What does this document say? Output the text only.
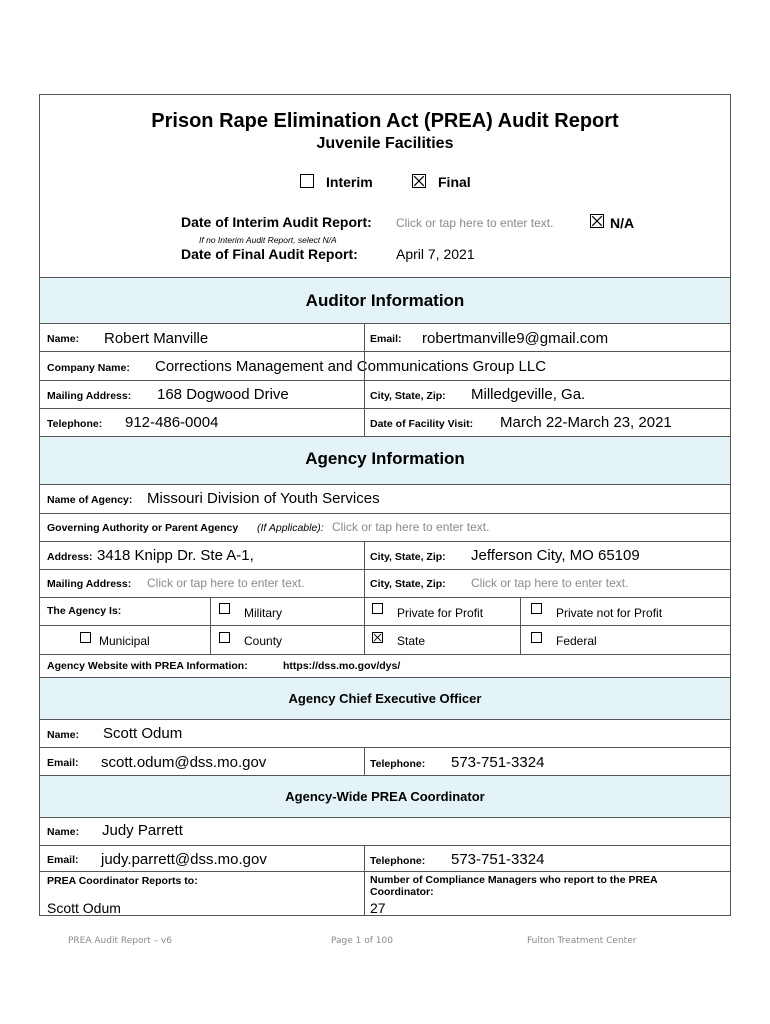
Prison Rape Elimination Act (PREA) Audit Report
Juvenile Facilities
Interim	Final
Date of Interim Audit Report: Click or tap here to enter text.	N/A
If no Interim Audit Report, select N/A
Date of Final Audit Report:	April 7, 2021
Auditor Information
Name: Robert Manville	Email: robertmanville9@gmail.com
Company Name: Corrections Management and Communications Group LLC
Mailing Address: 168 Dogwood Drive	City, State, Zip: Milledgeville, Ga.
Telephone: 912-486-0004	Date of Facility Visit: March 22-March 23, 2021
Agency Information
Name of Agency: Missouri Division of Youth Services
Governing Authority or Parent Agency (If Applicable): Click or tap here to enter text.
Address: 3418 Knipp Dr. Ste A-1,	City, State, Zip: Jefferson City, MO 65109
Mailing Address: Click or tap here to enter text.	City, State, Zip: Click or tap here to enter text.
The Agency Is:	Military	Private for Profit	Private not for Profit
Municipal	County	State	Federal
Agency Website with PREA Information:	https://dss.mo.gov/dys/
Agency Chief Executive Officer
Name: Scott Odum
Email: scott.odum@dss.mo.gov	Telephone: 573-751-3324
Agency-Wide PREA Coordinator
Name: Judy Parrett
Email: judy.parrett@dss.mo.gov	Telephone: 573-751-3324
PREA Coordinator Reports to:
Scott Odum
Number of Compliance Managers who report to the PREA
Coordinator:
27
PREA Audit Report – v6	Page 1 of 100	Fulton Treatment Center
